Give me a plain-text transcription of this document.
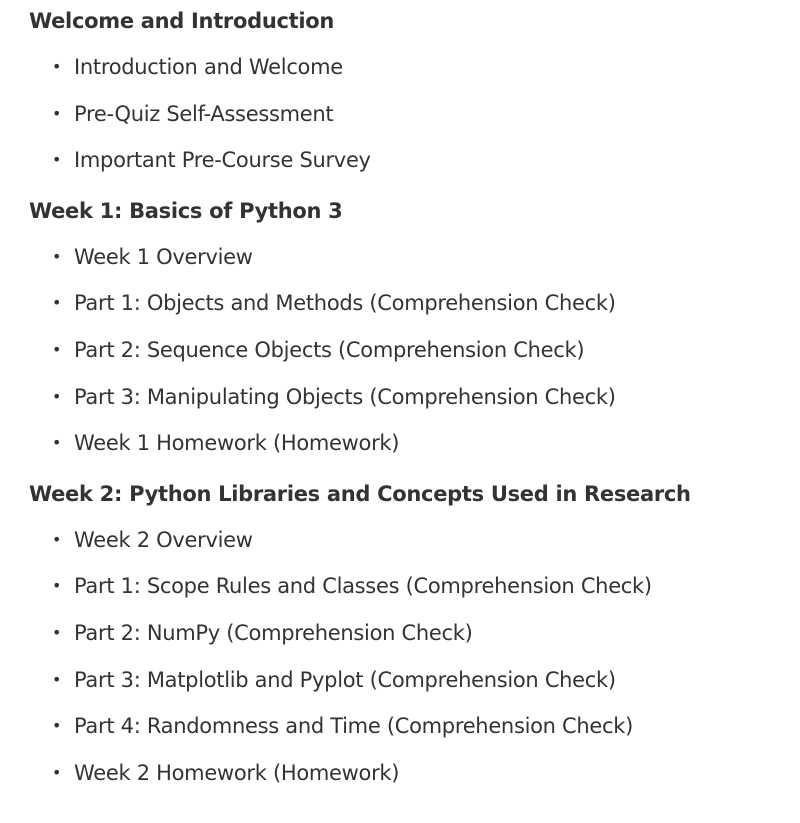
Welcome and Introduction
• Introduction and Welcome
• Pre-Quiz Self-Assessment
• Important Pre-Course Survey
Week 1: Basics of Python 3
• Week 1 Overview
• Part 1: Objects and Methods (Comprehension Check)
• Part 2: Sequence Objects (Comprehension Check)
• Part 3: Manipulating Objects (Comprehension Check)
• Week 1 Homework (Homework)
Week 2: Python Libraries and Concepts Used in Research
• Week 2 Overview
• Part 1: Scope Rules and Classes (Comprehension Check)
• Part 2: NumPy (Comprehension Check)
• Part 3: Matplotlib and Pyplot (Comprehension Check)
• Part 4: Randomness and Time (Comprehension Check)
• Week 2 Homework (Homework)
